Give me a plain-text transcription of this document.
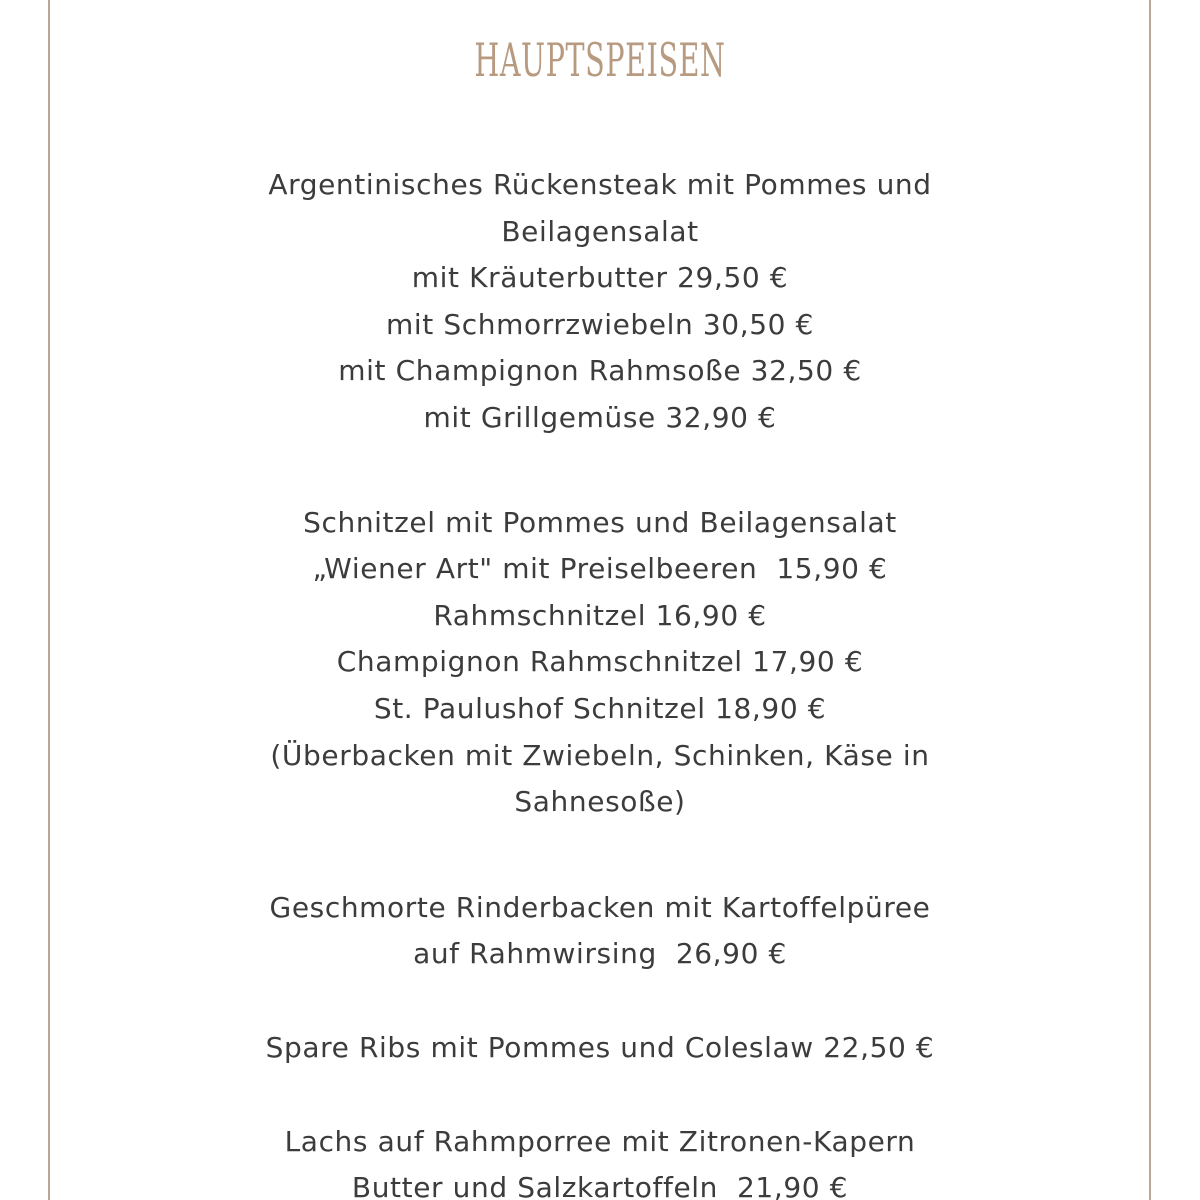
HAUPTSPEISEN
Argentinisches Rückensteak mit Pommes und
Beilagensalat
mit Kräuterbutter 29,50 €
mit Schmorrzwiebeln 30,50 €
mit Champignon Rahmsoße 32,50 €
mit Grillgemüse 32,90 €
Schnitzel mit Pommes und Beilagensalat
„Wiener Art" mit Preiselbeeren  15,90 €
Rahmschnitzel 16,90 €
Champignon Rahmschnitzel 17,90 €
St. Paulushof Schnitzel 18,90 €
(Überbacken mit Zwiebeln, Schinken, Käse in
Sahnesoße)
Geschmorte Rinderbacken mit Kartoffelpüree
auf Rahmwirsing  26,90 €
Spare Ribs mit Pommes und Coleslaw 22,50 €
Lachs auf Rahmporree mit Zitronen-Kapern
Butter und Salzkartoffeln  21,90 €
